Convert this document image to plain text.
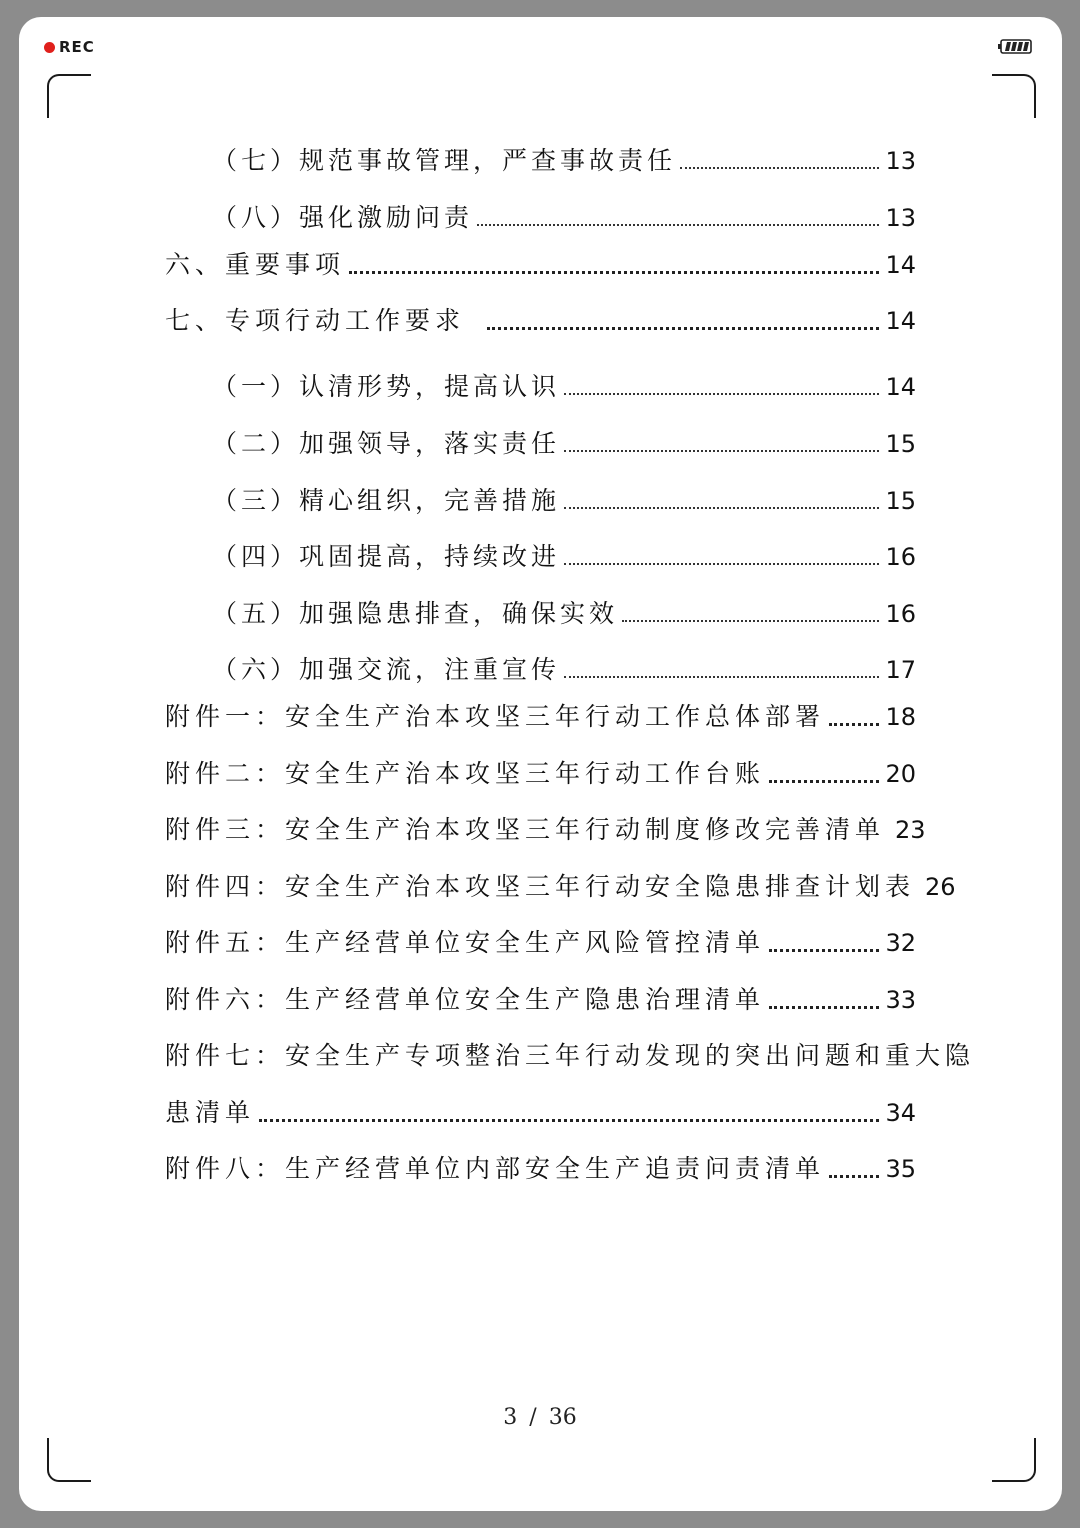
REC
（七）规范事故管理，严查事故责任	13
（八）强化激励问责	13
六、重要事项	14
七、专项行动工作要求	14
（一）认清形势，提高认识	14
（二）加强领导，落实责任	15
（三）精心组织，完善措施	15
（四）巩固提高，持续改进	16
（五）加强隐患排查，确保实效	16
（六）加强交流，注重宣传	17
附件一：安全生产治本攻坚三年行动工作总体部署	18
附件二：安全生产治本攻坚三年行动工作台账	20
附件三：安全生产治本攻坚三年行动制度修改完善清单 23
附件四：安全生产治本攻坚三年行动安全隐患排查计划表 26
附件五：生产经营单位安全生产风险管控清单	32
附件六：生产经营单位安全生产隐患治理清单	33
附件七：安全生产专项整治三年行动发现的突出问题和重大隐
患清单	34
附件八：生产经营单位内部安全生产追责问责清单	35
3 / 36
